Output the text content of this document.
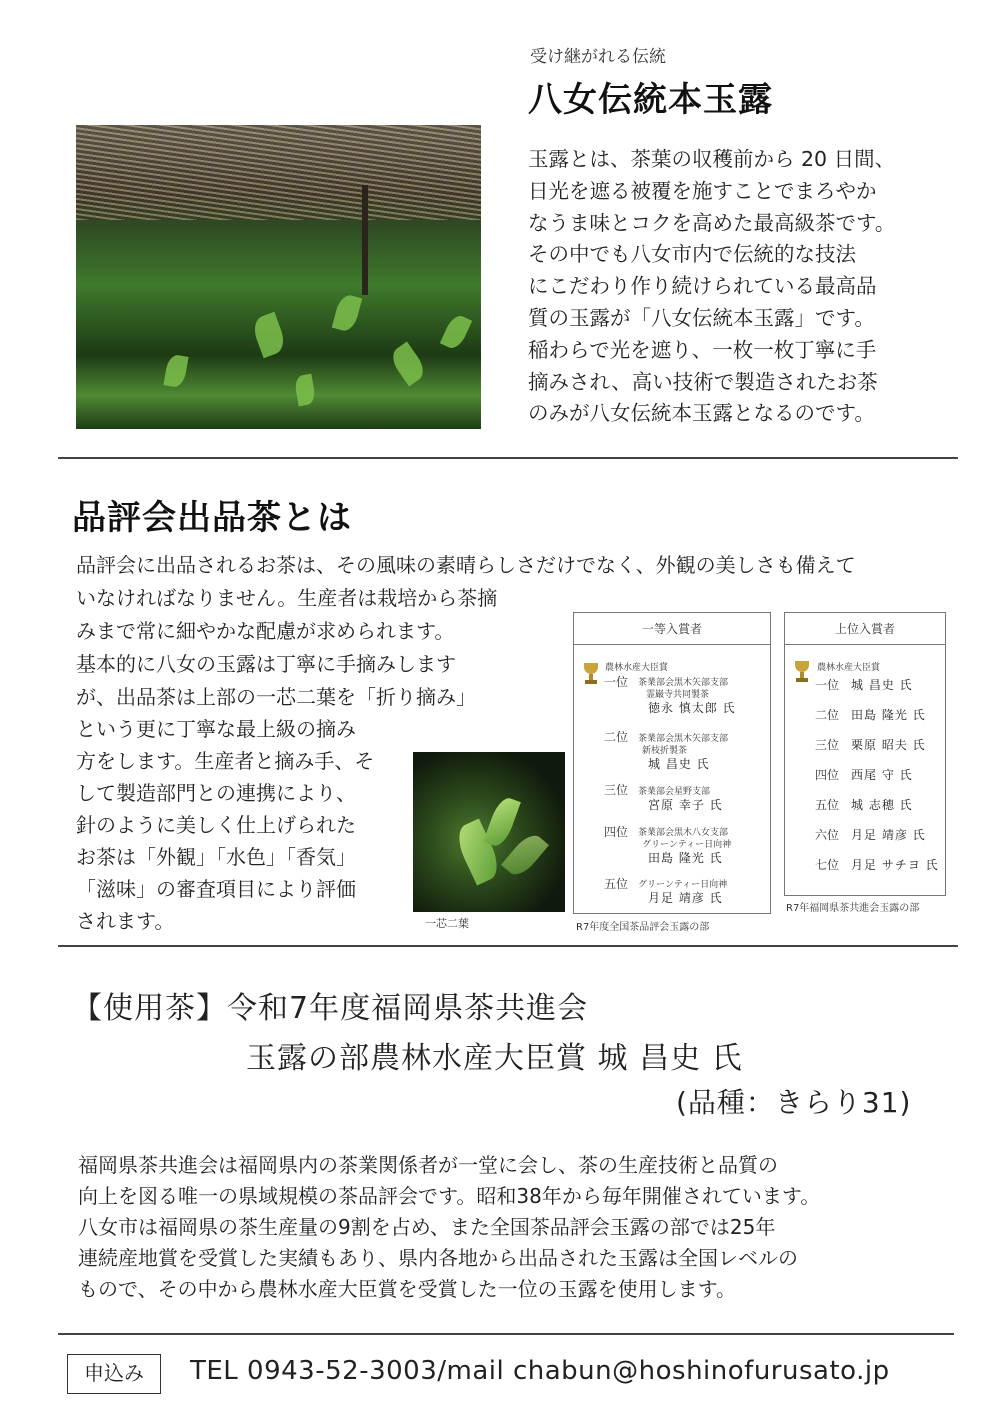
受け継がれる伝統
八女伝統本玉露
玉露とは、茶葉の収穫前から 20 日間、
日光を遮る被覆を施すことでまろやか
なうま味とコクを高めた最高級茶です。
その中でも八女市内で伝統的な技法
にこだわり作り続けられている最高品
質の玉露が「八女伝統本玉露」です。
稲わらで光を遮り、一枚一枚丁寧に手
摘みされ、高い技術で製造されたお茶
のみが八女伝統本玉露となるのです。
品評会出品茶とは
品評会に出品されるお茶は、その風味の素晴らしさだけでなく、外観の美しさも備えて
いなければなりません。生産者は栽培から茶摘
みまで常に細やかな配慮が求められます。
基本的に八女の玉露は丁寧に手摘みします
が、出品茶は上部の一芯二葉を「折り摘み」
という更に丁寧な最上級の摘み
方をします。生産者と摘み手、そ
して製造部門との連携により、
針のように美しく仕上げられた
お茶は「外観」「水色」「香気」
「滋味」の審査項目により評価
されます。	一芯二葉
一等入賞者
農林水産大臣賞
一位 茶業部会黒木矢部支部
霊巌寺共同製茶
徳永 慎太郎 氏
二位 茶業部会黒木矢部支部
新枝折製茶
城 昌史 氏
三位 茶業部会星野支部
宮原 幸子 氏
四位 茶業部会黒木八女支部
グリーンティー日向神
田島 隆光 氏
五位 グリーンティー日向神
月足 靖彦 氏
R7年度全国茶品評会玉露の部
上位入賞者
農林水産大臣賞
一位 城 昌史 氏
二位 田島 隆光 氏
三位 栗原 昭夫 氏
四位 西尾 守 氏
五位 城 志穂 氏
六位 月足 靖彦 氏
七位 月足 サチヨ 氏
R7年福岡県茶共進会玉露の部
【使用茶】令和7年度福岡県茶共進会
玉露の部農林水産大臣賞 城 昌史 氏
(品種：きらり31)
福岡県茶共進会は福岡県内の茶業関係者が一堂に会し、茶の生産技術と品質の
向上を図る唯一の県域規模の茶品評会です。昭和38年から毎年開催されています。
八女市は福岡県の茶生産量の9割を占め、また全国茶品評会玉露の部では25年
連続産地賞を受賞した実績もあり、県内各地から出品された玉露は全国レベルの
もので、その中から農林水産大臣賞を受賞した一位の玉露を使用します。
申込み	TEL 0943-52-3003/mail chabun@hoshinofurusato.jp
